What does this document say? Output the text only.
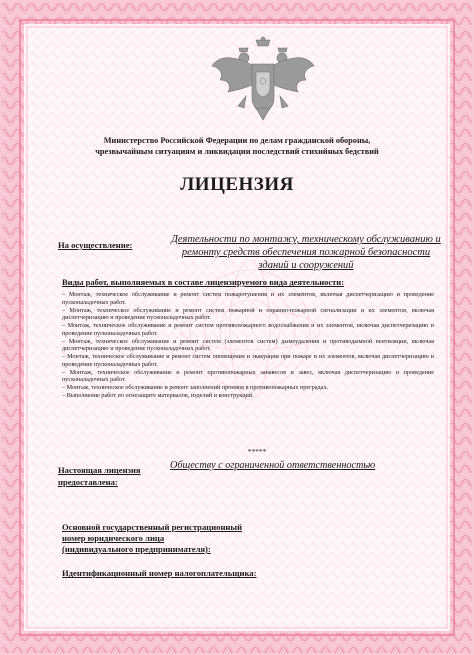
Министерство Российской Федерации по делам гражданской обороны,
чрезвычайным ситуациям и ликвидации последствий стихийных бедствий
ЛИЦЕНЗИЯ
На осуществление:	Деятельности по монтажу, техническому обслуживанию и ремонту средств обеспечения пожарной безопасности зданий и сооружений
Виды работ, выполняемых в составе лицензируемого вида деятельности:

– Монтаж, техническое обслуживание и ремонт систем пожаротушения и их элементов, включая диспетчеризацию и проведение пусконаладочных работ.

– Монтаж, техническое обслуживание и ремонт систем пожарной и охранно-пожарной сигнализации и их элементов, включая диспетчеризацию и проведение пусконаладочных работ.

– Монтаж, техническое обслуживание и ремонт систем противопожарного водоснабжения и их элементов, включая диспетчеризацию и проведение пусконаладочных работ.

– Монтаж, техническое обслуживание и ремонт систем (элементов систем) дымоудаления и противодымной вентиляции, включая диспетчеризацию и проведение пусконаладочных работ.

– Монтаж, техническое обслуживание и ремонт систем оповещения и эвакуации при пожаре и их элементов, включая диспетчеризацию и проведение пусконаладочных работ.

– Монтаж, техническое обслуживание и ремонт противопожарных занавесов и завес, включая диспетчеризацию и проведение пусконаладочных работ.

– Монтаж, техническое обслуживание и ремонт заполнений проемов в противопожарных преградах.

– Выполнение работ по огнезащите материалов, изделий и конструкций.

*****
Настоящая лицензия
предоставлена:
Обществу с ограниченной ответственностью
Основной государственный регистрационный
номер юридического лица
(индивидуального предпринимателя):
Идентификационный номер налогоплательщика:
